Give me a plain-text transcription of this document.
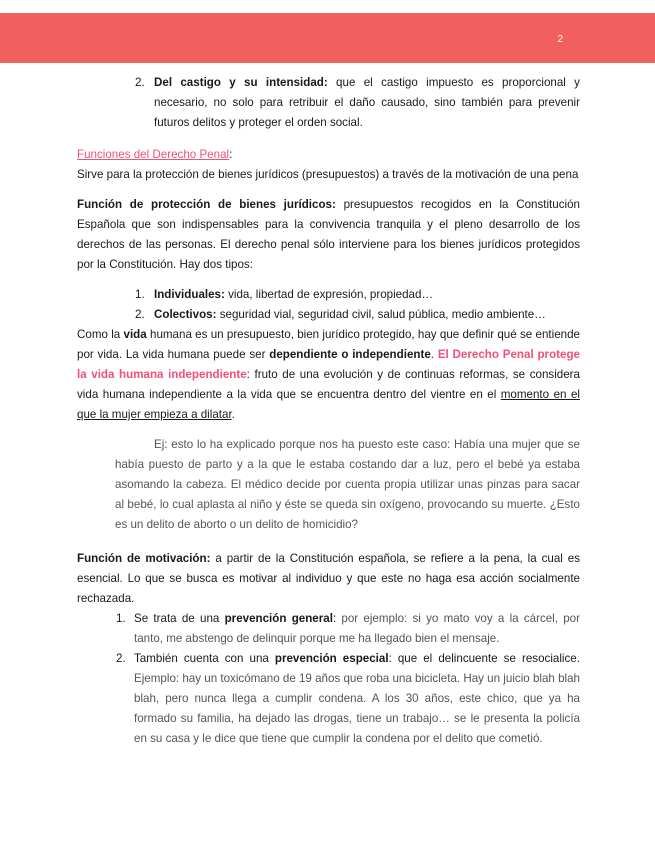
2
2. Del castigo y su intensidad: que el castigo impuesto es proporcional y necesario, no solo para retribuir el daño causado, sino también para prevenir futuros delitos y proteger el orden social.

Funciones del Derecho Penal:

Sirve para la protección de bienes jurídicos (presupuestos) a través de la motivación de una pena

Función de protección de bienes jurídicos: presupuestos recogidos en la Constitución Española que son indispensables para la convivencia tranquila y el pleno desarrollo de los derechos de las personas. El derecho penal sólo interviene para los bienes jurídicos protegidos por la Constitución. Hay dos tipos:

1. Individuales: vida, libertad de expresión, propiedad…
2. Colectivos: seguridad vial, seguridad civil, salud pública, medio ambiente…

Como la vida humana es un presupuesto, bien jurídico protegido, hay que definir qué se entiende por vida. La vida humana puede ser dependiente o independiente. El Derecho Penal protege la vida humana independiente: fruto de una evolución y de continuas reformas, se considera vida humana independiente a la vida que se encuentra dentro del vientre en el momento en el que la mujer empieza a dilatar.

Ej: esto lo ha explicado porque nos ha puesto este caso: Había una mujer que se había puesto de parto y a la que le estaba costando dar a luz, pero el bebé ya estaba asomando la cabeza. El médico decide por cuenta propia utilizar unas pinzas para sacar al bebé, lo cual aplasta al niño y éste se queda sin oxígeno, provocando su muerte. ¿Esto es un delito de aborto o un delito de homicidio?

Función de motivación: a partir de la Constitución española, se refiere a la pena, la cual es esencial. Lo que se busca es motivar al individuo y que este no haga esa acción socialmente rechazada.

1. Se trata de una prevención general: por ejemplo: si yo mato voy a la cárcel, por tanto, me abstengo de delinquir porque me ha llegado bien el mensaje.
2. También cuenta con una prevención especial: que el delincuente se resocialice. Ejemplo: hay un toxicómano de 19 años que roba una bicicleta. Hay un juicio blah blah blah, pero nunca llega a cumplir condena. A los 30 años, este chico, que ya ha formado su familia, ha dejado las drogas, tiene un trabajo… se le presenta la policía en su casa y le dice que tiene que cumplir la condena por el delito que cometió.
